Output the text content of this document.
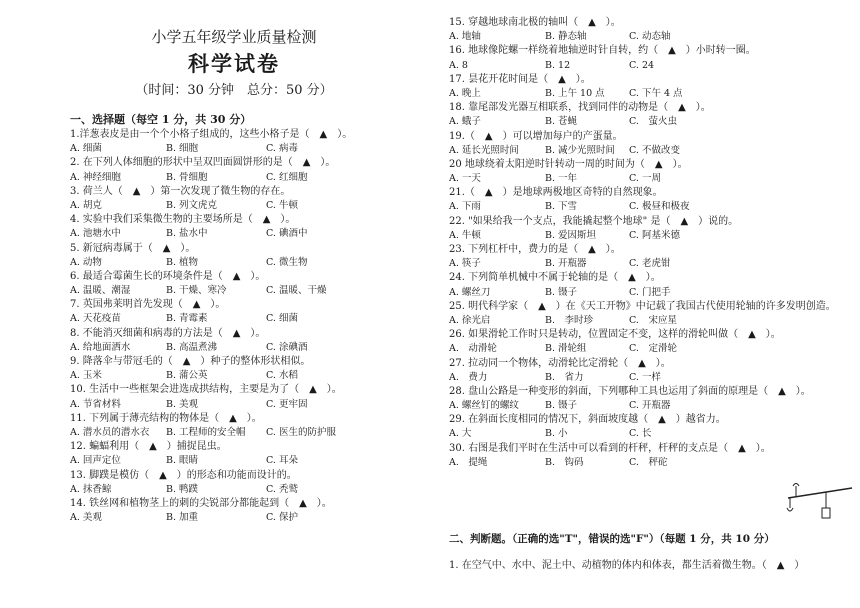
小学五年级学业质量检测
科学试卷
（时间：30 分钟　总分：50 分）
一、选择题（每空 1 分，共 30 分）
1.洋葱表皮是由一个个小格子组成的，这些小格子是（　▲　）。
A. 细菌	B. 细胞	C. 病毒
2. 在下列人体细胞的形状中呈双凹面圆饼形的是（　▲　）。
A. 神经细胞	B. 骨细胞	C. 红细胞
3. 荷兰人（　▲　）第一次发现了微生物的存在。
A. 胡克	B. 列文虎克	C. 牛顿
4. 实验中我们采集微生物的主要场所是（　▲　）。
A. 池塘水中	B. 盐水中	C. 碘酒中
5. 新冠病毒属于（　▲　）。
A. 动物	B. 植物	C. 微生物
6. 最适合霉菌生长的环境条件是（　▲　）。
A. 温暖、潮湿	B. 干燥、寒冷	C. 温暖、干燥
7. 英国弗莱明首先发现（　▲　）。
A. 天花疫苗	B. 青霉素	C. 细菌
8. 不能消灭细菌和病毒的方法是（　▲　）。
A. 给地面洒水	B. 高温煮沸	C. 涂碘酒
9. 降落伞与带冠毛的（　▲　）种子的整体形状相似。
A. 玉米	B. 蒲公英	C. 水稻
10. 生活中一些框架会进选成拱结构，主要是为了（　▲　）。
A. 节省材料	B. 美观	C. 更牢固
11. 下列属于薄壳结构的物体是（　▲　）。
A. 潜水员的潜水衣 B. 工程师的安全帽 C. 医生的防护服
12. 蝙蝠利用（　▲　）捕捉昆虫。
A. 回声定位	B. 眼睛	C. 耳朵
13. 脚蹼是模仿（　▲　）的形态和功能而设计的。
A. 抹香鲸	B. 鸭蹼	C. 秃鹫
14. 铁丝网和植物茎上的刺的尖锐部分都能起到（　▲　）。
A. 美观	B. 加重	C. 保护
15. 穿越地球南北极的轴叫（　▲　）。
A. 地轴	B. 静态轴	C. 动态轴
16. 地球像陀螺一样绕着地轴逆时针自转，约（　▲　）小时转一圈。
A. 8	B. 12	C. 24
17. 昙花开花时间是（　▲　）。
A. 晚上	B. 上午 10 点	C. 下午 4 点
18. 靠尾部发光器互相联系，找到同伴的动物是（　▲　）。
A. 蛾子	B. 苍蝇	C.　萤火虫
19.（　▲　）可以增加每户的产蛋量。
A. 延长光照时间	B. 减少光照时间 C. 不做改变
20 地球绕着太阳逆时针转动一周的时间为（　▲　）。
A. 一天	B. 一年	C. 一周
21.（　▲　）是地球两极地区奇特的自然现象。
A. 下雨	B. 下雪	C. 极昼和极夜
22. "如果给我一个支点，我能撬起整个地球" 是（　▲　）说的。
A. 牛顿	B. 爱因斯坦	C. 阿基米德
23. 下列杠杆中，费力的是（　▲　）。
A. 筷子	B. 开瓶器	C. 老虎钳
24. 下列简单机械中不属于轮轴的是（　▲　）。
A. 螺丝刀	B. 镊子	C. 门把手
25. 明代科学家（　▲　）在《天工开物》中记载了我国古代使用轮轴的许多发明创造。
A. 徐光启	B.　李时珍	C.　宋应星
26. 如果滑轮工作时只是转动，位置固定不变，这样的滑轮叫做（　▲　）。
A.　动滑轮	B. 滑轮组	C.　定滑轮
27. 拉动同一个物体，动滑轮比定滑轮（　▲　）。
A.　费力	B.　省力	C. 一样
28. 盘山公路是一种变形的斜面，下列哪种工具也运用了斜面的原理是（　▲　）。
A. 螺丝钉的螺纹	B. 镊子	C. 开瓶器
29. 在斜面长度相同的情况下，斜面坡度越（　▲　）越省力。
A. 大	B. 小	C. 长
30. 右图是我们平时在生活中可以看到的杆秤，杆秤的支点是（　▲　）。
A.　提绳	B.　钩码	C.　秤砣
二、判断题。（正确的选"T"，错误的选"F"）（每题 1 分，共 10 分）
1. 在空气中、水中、泥土中、动植物的体内和体表，都生活着微生物。（　▲　）
